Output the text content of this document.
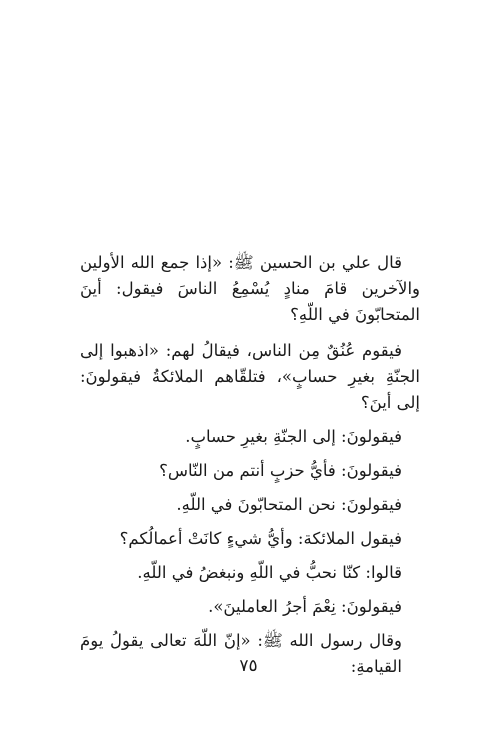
قال علي بن الحسين ﷺ: «إذا جمع الله الأولين والآخرين قامَ منادٍ يُسْمِعُ الناسَ فيقول: أينَ المتحابّونَ في اللّهِ؟

فيقوم عُنُقٌ مِن الناس، فيقالُ لهم: «اذهبوا إلى الجنّةِ بغيرِ حسابٍ»، فتلقّاهم الملائكةُ فيقولونَ: إلى أينَ؟

فيقولونَ: إلى الجنّةِ بغيرِ حسابٍ.

فيقولونَ: فأيُّ حزبٍ أنتم من النّاس؟

فيقولونَ: نحن المتحابّونَ في اللّهِ.

فيقول الملائكة: وأيُّ شيءٍ كانَتْ أعمالُكم؟

قالوا: كنّا نحبُّ في اللّهِ ونبغضُ في اللّهِ.

فيقولونَ: نِعْمَ أجرُ العاملينَ».

وقال رسول الله ﷺ: «إنّ اللّهَ تعالى يقولُ يومَ القيامةِ:

٧٥
